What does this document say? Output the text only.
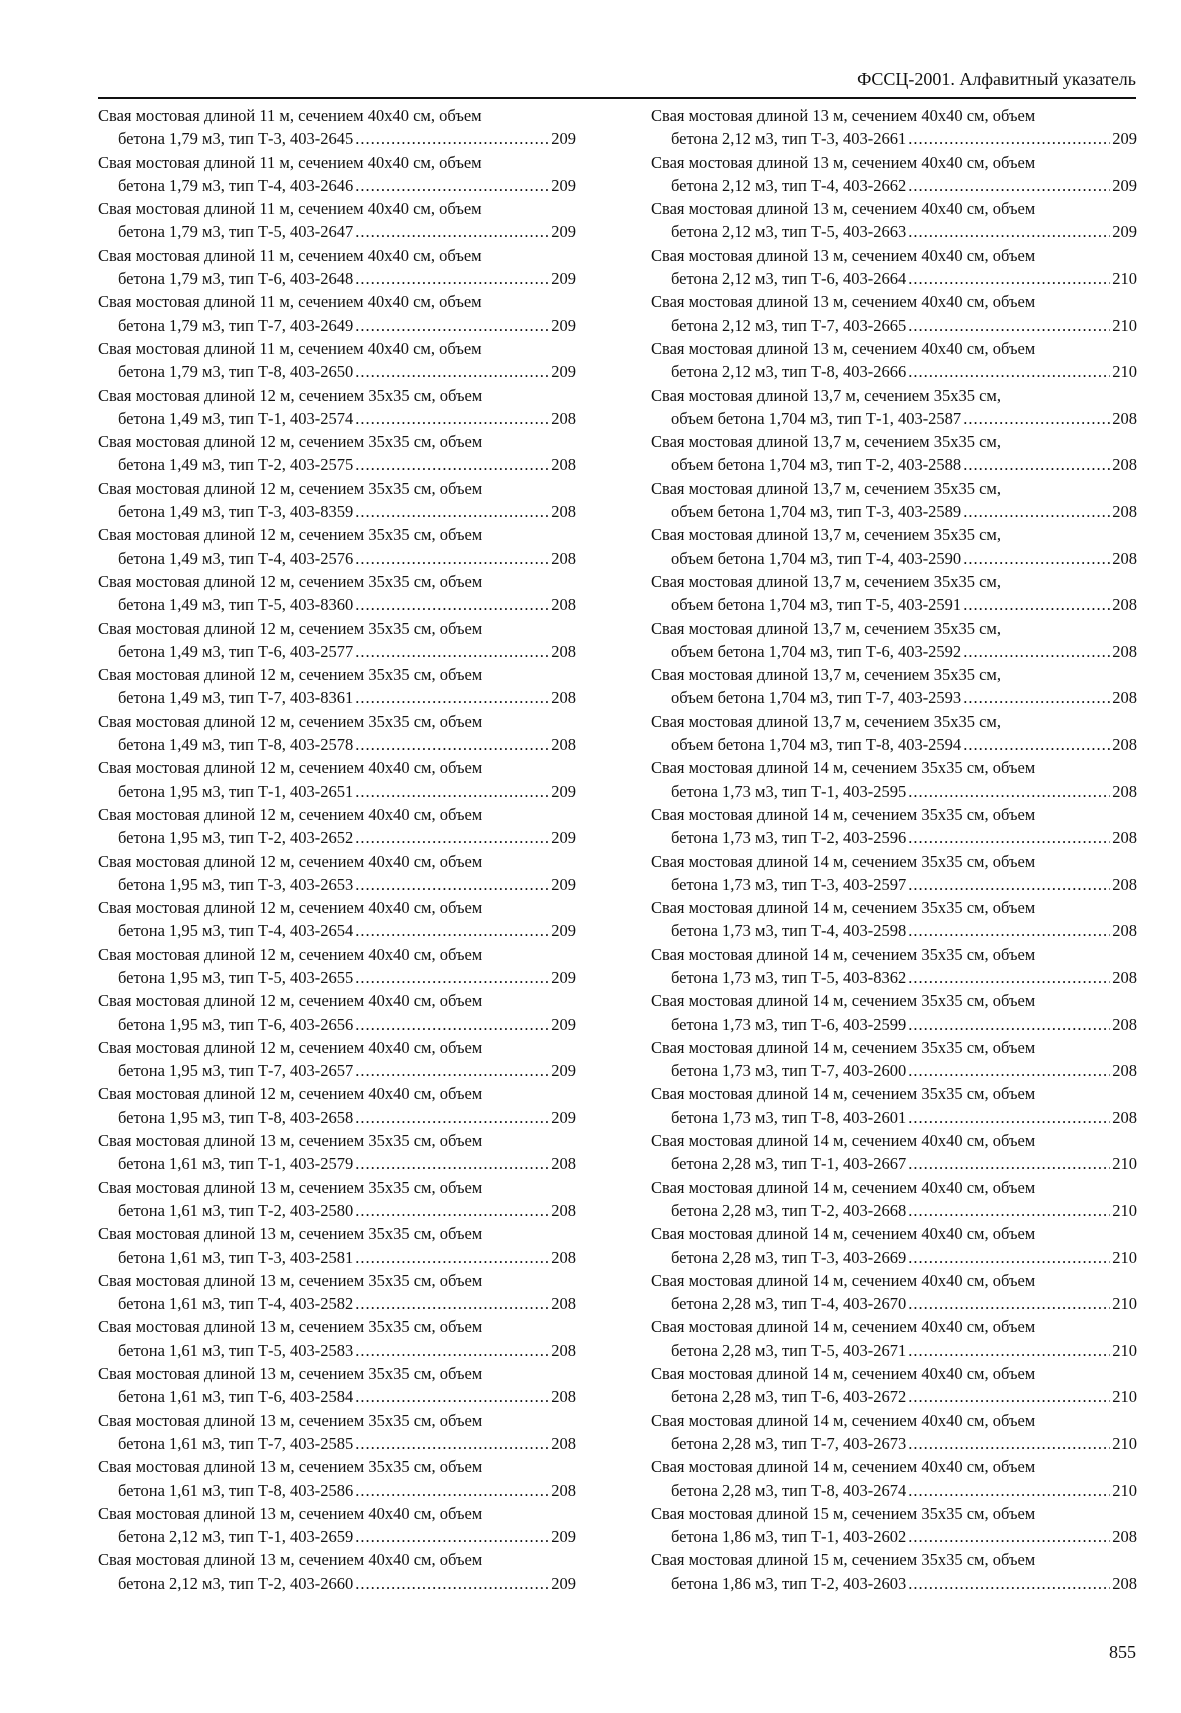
ФССЦ-2001. Алфавитный указатель
Свая мостовая длиной 11 м, сечением 40х40 см, объем
бетона 1,79 м3, тип Т-3, 403-2645 .....	209
Свая мостовая длиной 11 м, сечением 40х40 см, объем
бетона 1,79 м3, тип Т-4, 403-2646 .....	209
Свая мостовая длиной 11 м, сечением 40х40 см, объем
бетона 1,79 м3, тип Т-5, 403-2647 .....	209
Свая мостовая длиной 11 м, сечением 40х40 см, объем
бетона 1,79 м3, тип Т-6, 403-2648 .....	209
Свая мостовая длиной 11 м, сечением 40х40 см, объем
бетона 1,79 м3, тип Т-7, 403-2649 .....	209
Свая мостовая длиной 11 м, сечением 40х40 см, объем
бетона 1,79 м3, тип Т-8, 403-2650 .....	209
Свая мостовая длиной 12 м, сечением 35х35 см, объем
бетона 1,49 м3, тип Т-1, 403-2574 .....	208
Свая мостовая длиной 12 м, сечением 35х35 см, объем
бетона 1,49 м3, тип Т-2, 403-2575 .....	208
Свая мостовая длиной 12 м, сечением 35х35 см, объем
бетона 1,49 м3, тип Т-3, 403-8359 .....	208
Свая мостовая длиной 12 м, сечением 35х35 см, объем
бетона 1,49 м3, тип Т-4, 403-2576 .....	208
Свая мостовая длиной 12 м, сечением 35х35 см, объем
бетона 1,49 м3, тип Т-5, 403-8360 .....	208
Свая мостовая длиной 12 м, сечением 35х35 см, объем
бетона 1,49 м3, тип Т-6, 403-2577 .....	208
Свая мостовая длиной 12 м, сечением 35х35 см, объем
бетона 1,49 м3, тип Т-7, 403-8361 .....	208
Свая мостовая длиной 12 м, сечением 35х35 см, объем
бетона 1,49 м3, тип Т-8, 403-2578 .....	208
Свая мостовая длиной 12 м, сечением 40х40 см, объем
бетона 1,95 м3, тип Т-1, 403-2651 .....	209
Свая мостовая длиной 12 м, сечением 40х40 см, объем
бетона 1,95 м3, тип Т-2, 403-2652 .....	209
Свая мостовая длиной 12 м, сечением 40х40 см, объем
бетона 1,95 м3, тип Т-3, 403-2653 .....	209
Свая мостовая длиной 12 м, сечением 40х40 см, объем
бетона 1,95 м3, тип Т-4, 403-2654 .....	209
Свая мостовая длиной 12 м, сечением 40х40 см, объем
бетона 1,95 м3, тип Т-5, 403-2655 .....	209
Свая мостовая длиной 12 м, сечением 40х40 см, объем
бетона 1,95 м3, тип Т-6, 403-2656 .....	209
Свая мостовая длиной 12 м, сечением 40х40 см, объем
бетона 1,95 м3, тип Т-7, 403-2657 .....	209
Свая мостовая длиной 12 м, сечением 40х40 см, объем
бетона 1,95 м3, тип Т-8, 403-2658 .....	209
Свая мостовая длиной 13 м, сечением 35х35 см, объем
бетона 1,61 м3, тип Т-1, 403-2579 .....	208
Свая мостовая длиной 13 м, сечением 35х35 см, объем
бетона 1,61 м3, тип Т-2, 403-2580 .....	208
Свая мостовая длиной 13 м, сечением 35х35 см, объем
бетона 1,61 м3, тип Т-3, 403-2581 .....	208
Свая мостовая длиной 13 м, сечением 35х35 см, объем
бетона 1,61 м3, тип Т-4, 403-2582 .....	208
Свая мостовая длиной 13 м, сечением 35х35 см, объем
бетона 1,61 м3, тип Т-5, 403-2583 .....	208
Свая мостовая длиной 13 м, сечением 35х35 см, объем
бетона 1,61 м3, тип Т-6, 403-2584 .....	208
Свая мостовая длиной 13 м, сечением 35х35 см, объем
бетона 1,61 м3, тип Т-7, 403-2585 .....	208
Свая мостовая длиной 13 м, сечением 35х35 см, объем
бетона 1,61 м3, тип Т-8, 403-2586 .....	208
Свая мостовая длиной 13 м, сечением 40х40 см, объем
бетона 2,12 м3, тип Т-1, 403-2659 .....	209
Свая мостовая длиной 13 м, сечением 40х40 см, объем
бетона 2,12 м3, тип Т-2, 403-2660 .....	209
Свая мостовая длиной 13 м, сечением 40х40 см, объем
бетона 2,12 м3, тип Т-3, 403-2661 .....	209
Свая мостовая длиной 13 м, сечением 40х40 см, объем
бетона 2,12 м3, тип Т-4, 403-2662 .....	209
Свая мостовая длиной 13 м, сечением 40х40 см, объем
бетона 2,12 м3, тип Т-5, 403-2663 .....	209
Свая мостовая длиной 13 м, сечением 40х40 см, объем
бетона 2,12 м3, тип Т-6, 403-2664 .....	210
Свая мостовая длиной 13 м, сечением 40х40 см, объем
бетона 2,12 м3, тип Т-7, 403-2665 .....	210
Свая мостовая длиной 13 м, сечением 40х40 см, объем
бетона 2,12 м3, тип Т-8, 403-2666 .....	210
Свая мостовая длиной 13,7 м, сечением 35х35 см,
объем бетона 1,704 м3, тип Т-1, 403-2587 .....	208
Свая мостовая длиной 13,7 м, сечением 35х35 см,
объем бетона 1,704 м3, тип Т-2, 403-2588 .....	208
Свая мостовая длиной 13,7 м, сечением 35х35 см,
объем бетона 1,704 м3, тип Т-3, 403-2589 .....	208
Свая мостовая длиной 13,7 м, сечением 35х35 см,
объем бетона 1,704 м3, тип Т-4, 403-2590 .....	208
Свая мостовая длиной 13,7 м, сечением 35х35 см,
объем бетона 1,704 м3, тип Т-5, 403-2591 .....	208
Свая мостовая длиной 13,7 м, сечением 35х35 см,
объем бетона 1,704 м3, тип Т-6, 403-2592 .....	208
Свая мостовая длиной 13,7 м, сечением 35х35 см,
объем бетона 1,704 м3, тип Т-7, 403-2593 .....	208
Свая мостовая длиной 13,7 м, сечением 35х35 см,
объем бетона 1,704 м3, тип Т-8, 403-2594 .....	208
Свая мостовая длиной 14 м, сечением 35х35 см, объем
бетона 1,73 м3, тип Т-1, 403-2595 .....	208
Свая мостовая длиной 14 м, сечением 35х35 см, объем
бетона 1,73 м3, тип Т-2, 403-2596 .....	208
Свая мостовая длиной 14 м, сечением 35х35 см, объем
бетона 1,73 м3, тип Т-3, 403-2597 .....	208
Свая мостовая длиной 14 м, сечением 35х35 см, объем
бетона 1,73 м3, тип Т-4, 403-2598 .....	208
Свая мостовая длиной 14 м, сечением 35х35 см, объем
бетона 1,73 м3, тип Т-5, 403-8362 .....	208
Свая мостовая длиной 14 м, сечением 35х35 см, объем
бетона 1,73 м3, тип Т-6, 403-2599 .....	208
Свая мостовая длиной 14 м, сечением 35х35 см, объем
бетона 1,73 м3, тип Т-7, 403-2600 .....	208
Свая мостовая длиной 14 м, сечением 35х35 см, объем
бетона 1,73 м3, тип Т-8, 403-2601 .....	208
Свая мостовая длиной 14 м, сечением 40х40 см, объем
бетона 2,28 м3, тип Т-1, 403-2667 .....	210
Свая мостовая длиной 14 м, сечением 40х40 см, объем
бетона 2,28 м3, тип Т-2, 403-2668 .....	210
Свая мостовая длиной 14 м, сечением 40х40 см, объем
бетона 2,28 м3, тип Т-3, 403-2669 .....	210
Свая мостовая длиной 14 м, сечением 40х40 см, объем
бетона 2,28 м3, тип Т-4, 403-2670 .....	210
Свая мостовая длиной 14 м, сечением 40х40 см, объем
бетона 2,28 м3, тип Т-5, 403-2671 .....	210
Свая мостовая длиной 14 м, сечением 40х40 см, объем
бетона 2,28 м3, тип Т-6, 403-2672 .....	210
Свая мостовая длиной 14 м, сечением 40х40 см, объем
бетона 2,28 м3, тип Т-7, 403-2673 .....	210
Свая мостовая длиной 14 м, сечением 40х40 см, объем
бетона 2,28 м3, тип Т-8, 403-2674 .....	210
Свая мостовая длиной 15 м, сечением 35х35 см, объем
бетона 1,86 м3, тип Т-1, 403-2602 .....	208
Свая мостовая длиной 15 м, сечением 35х35 см, объем
бетона 1,86 м3, тип Т-2, 403-2603 .....	208
855
